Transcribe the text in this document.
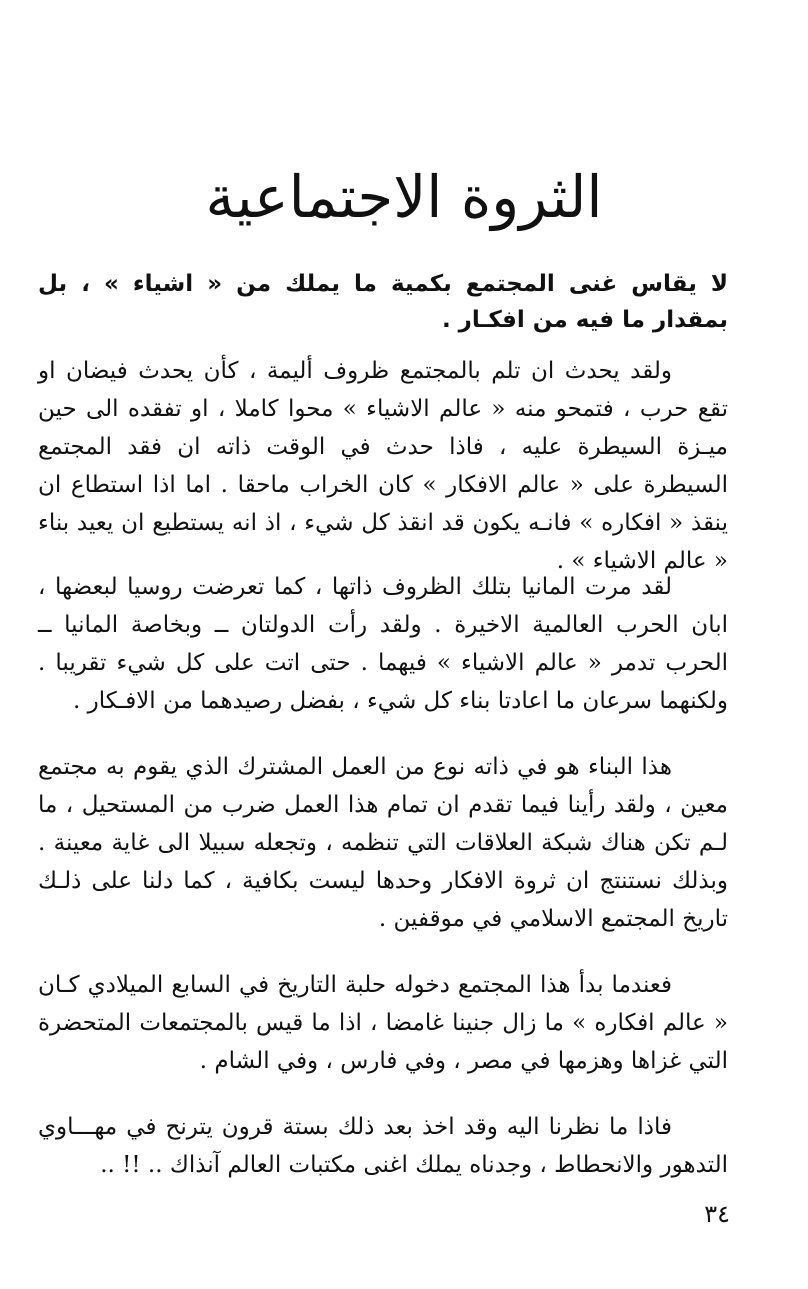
الثروة الاجتماعية

لا يقاس غنى المجتمع بكمية ما يملك من « اشياء » ، بل بمقدار ما فيه من افكـار .

ولقد يحدث ان تلم بالمجتمع ظروف أليمة ، كأن يحدث فيضان او تقع حرب ، فتمحو منه « عالم الاشياء » محوا كاملا ، او تفقده الى حين ميـزة السيطرة عليه ، فاذا حدث في الوقت ذاته ان فقد المجتمع السيطرة على « عالم الافكار » كان الخراب ماحقا . اما اذا استطاع ان ينقذ « افكاره » فانـه يكون قد انقذ كل شيء ، اذ انه يستطيع ان يعيد بناء « عالم الاشياء » .

لقد مرت المانيا بتلك الظروف ذاتها ، كما تعرضت روسيا لبعضها ، ابان الحرب العالمية الاخيرة . ولقد رأت الدولتان ــ وبخاصة المانيا ــ الحرب تدمر « عالم الاشياء » فيهما . حتى اتت على كل شيء تقريبا . ولكنهما سرعان ما اعادتا بناء كل شيء ، بفضل رصيدهما من الافـكار .

هذا البناء هو في ذاته نوع من العمل المشترك الذي يقوم به مجتمع معين ، ولقد رأينا فيما تقدم ان تمام هذا العمل ضرب من المستحيل ، ما لـم تكن هناك شبكة العلاقات التي تنظمه ، وتجعله سبيلا الى غاية معينة . وبذلك نستنتج ان ثروة الافكار وحدها ليست بكافية ، كما دلنا على ذلـك تاريخ المجتمع الاسلامي في موقفين .

فعندما بدأ هذا المجتمع دخوله حلبة التاريخ في السابع الميلادي كـان « عالم افكاره » ما زال جنينا غامضا ، اذا ما قيس بالمجتمعات المتحضرة التي غزاها وهزمها في مصر ، وفي فارس ، وفي الشام .

فاذا ما نظرنا اليه وقد اخذ بعد ذلك بستة قرون يترنح في مهـــاوي التدهور والانحطاط ، وجدناه يملك اغنى مكتبات العالم آنذاك .. !! ..

٣٤
